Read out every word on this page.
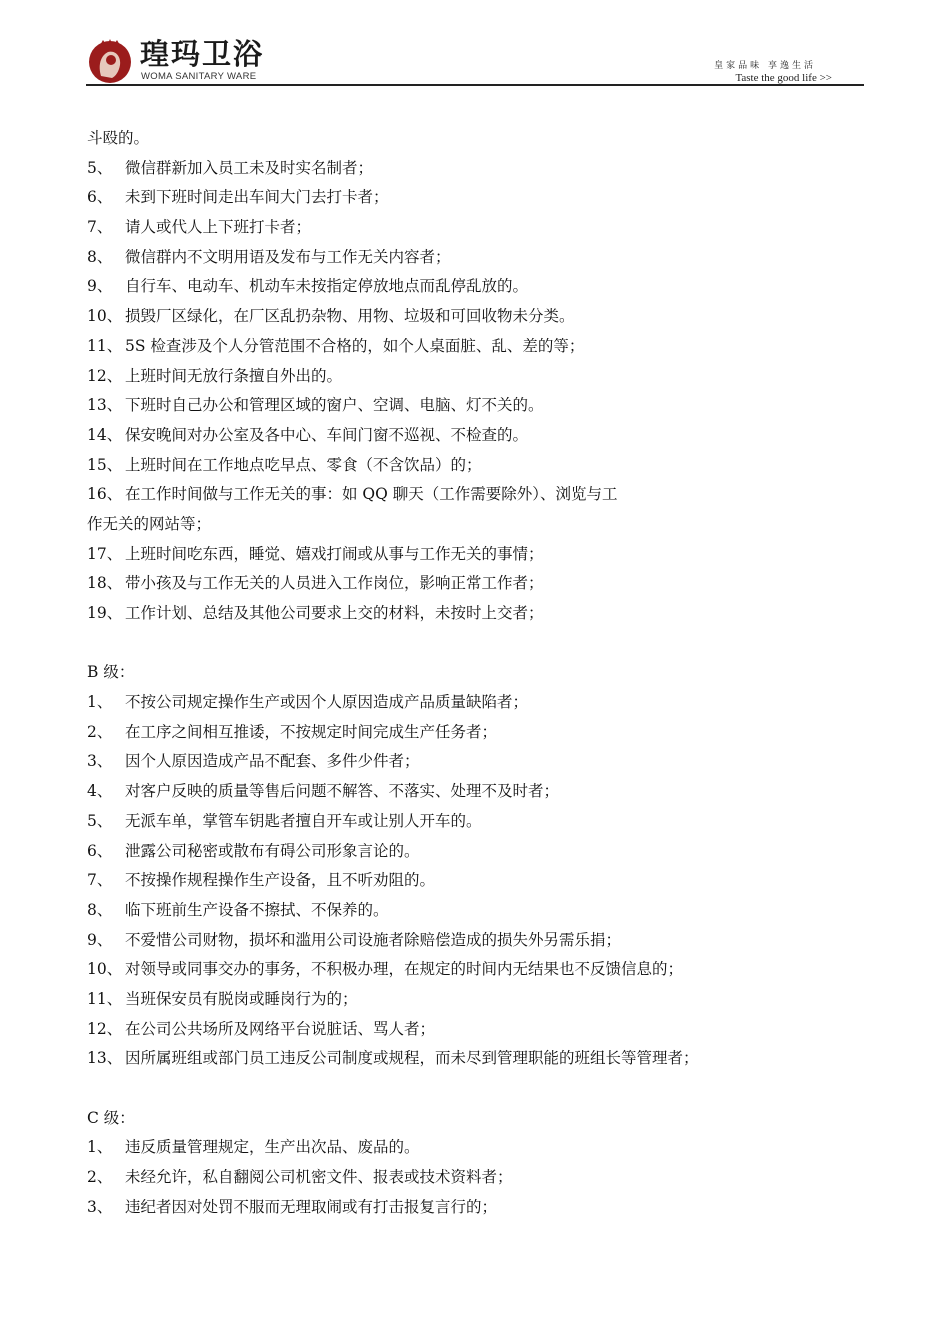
瑝玛卫浴
WOMA SANITARY WARE
皇家品味 享逸生活
Taste the good life >>
斗殴的。
5、 微信群新加入员工未及时实名制者；
6、 未到下班时间走出车间大门去打卡者；
7、 请人或代人上下班打卡者；
8、 微信群内不文明用语及发布与工作无关内容者；
9、 自行车、电动车、机动车未按指定停放地点而乱停乱放的。
10、 损毁厂区绿化，在厂区乱扔杂物、用物、垃圾和可回收物未分类。
11、 5S 检查涉及个人分管范围不合格的，如个人桌面脏、乱、差的等；
12、 上班时间无放行条擅自外出的。
13、 下班时自己办公和管理区域的窗户、空调、电脑、灯不关的。
14、 保安晚间对办公室及各中心、车间门窗不巡视、不检查的。
15、 上班时间在工作地点吃早点、零食（不含饮品）的；
16、 在工作时间做与工作无关的事：如 QQ 聊天（工作需要除外）、浏览与工
作无关的网站等；
17、 上班时间吃东西，睡觉、嬉戏打闹或从事与工作无关的事情；
18、 带小孩及与工作无关的人员进入工作岗位，影响正常工作者；
19、 工作计划、总结及其他公司要求上交的材料，未按时上交者；
B 级：
1、 不按公司规定操作生产或因个人原因造成产品质量缺陷者；
2、 在工序之间相互推诿，不按规定时间完成生产任务者；
3、 因个人原因造成产品不配套、多件少件者；
4、 对客户反映的质量等售后问题不解答、不落实、处理不及时者；
5、 无派车单，掌管车钥匙者擅自开车或让别人开车的。
6、 泄露公司秘密或散布有碍公司形象言论的。
7、 不按操作规程操作生产设备，且不听劝阻的。
8、 临下班前生产设备不擦拭、不保养的。
9、 不爱惜公司财物，损坏和滥用公司设施者除赔偿造成的损失外另需乐捐；
10、 对领导或同事交办的事务，不积极办理，在规定的时间内无结果也不反馈信息的；
11、 当班保安员有脱岗或睡岗行为的；
12、 在公司公共场所及网络平台说脏话、骂人者；
13、 因所属班组或部门员工违反公司制度或规程，而未尽到管理职能的班组长等管理者；
C 级：
1、 违反质量管理规定，生产出次品、废品的。
2、 未经允许，私自翻阅公司机密文件、报表或技术资料者；
3、 违纪者因对处罚不服而无理取闹或有打击报复言行的；
